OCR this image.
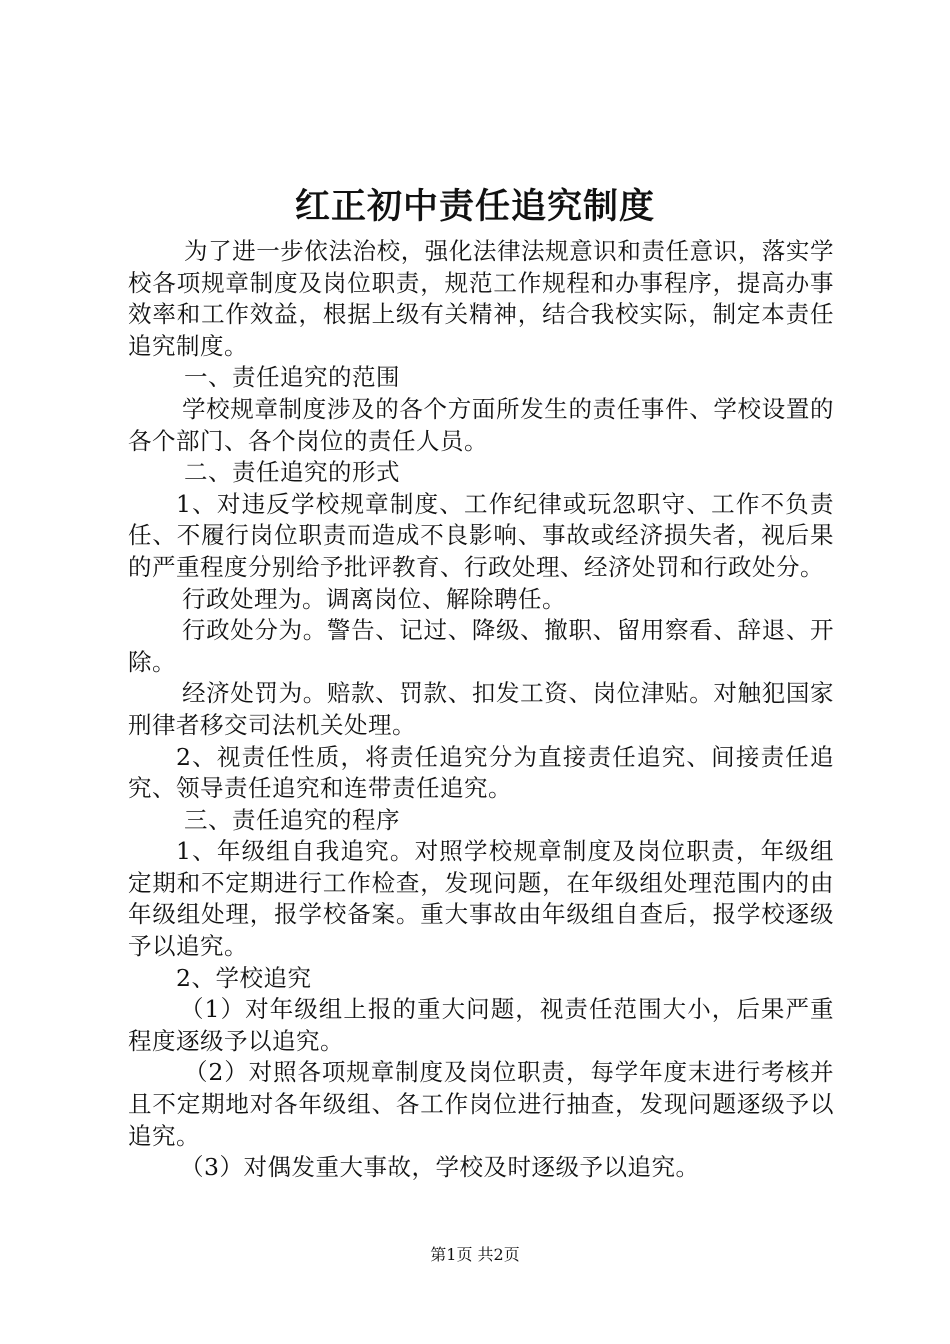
红正初中责任追究制度

为了进一步依法治校，强化法律法规意识和责任意识，落实学校各项规章制度及岗位职责，规范工作规程和办事程序，提高办事效率和工作效益，根据上级有关精神，结合我校实际，制定本责任追究制度。

一、责任追究的范围

学校规章制度涉及的各个方面所发生的责任事件、学校设置的各个部门、各个岗位的责任人员。

二、责任追究的形式

1、对违反学校规章制度、工作纪律或玩忽职守、工作不负责任、不履行岗位职责而造成不良影响、事故或经济损失者，视后果的严重程度分别给予批评教育、行政处理、经济处罚和行政处分。

行政处理为。调离岗位、解除聘任。

行政处分为。警告、记过、降级、撤职、留用察看、辞退、开除。

经济处罚为。赔款、罚款、扣发工资、岗位津贴。对触犯国家刑律者移交司法机关处理。

2、视责任性质，将责任追究分为直接责任追究、间接责任追究、领导责任追究和连带责任追究。

三、责任追究的程序

1、年级组自我追究。对照学校规章制度及岗位职责，年级组定期和不定期进行工作检查，发现问题，在年级组处理范围内的由年级组处理，报学校备案。重大事故由年级组自查后，报学校逐级予以追究。

2、学校追究

（1）对年级组上报的重大问题，视责任范围大小，后果严重程度逐级予以追究。

（2）对照各项规章制度及岗位职责，每学年度末进行考核并且不定期地对各年级组、各工作岗位进行抽查，发现问题逐级予以追究。

（3）对偶发重大事故，学校及时逐级予以追究。

第1页 共2页
